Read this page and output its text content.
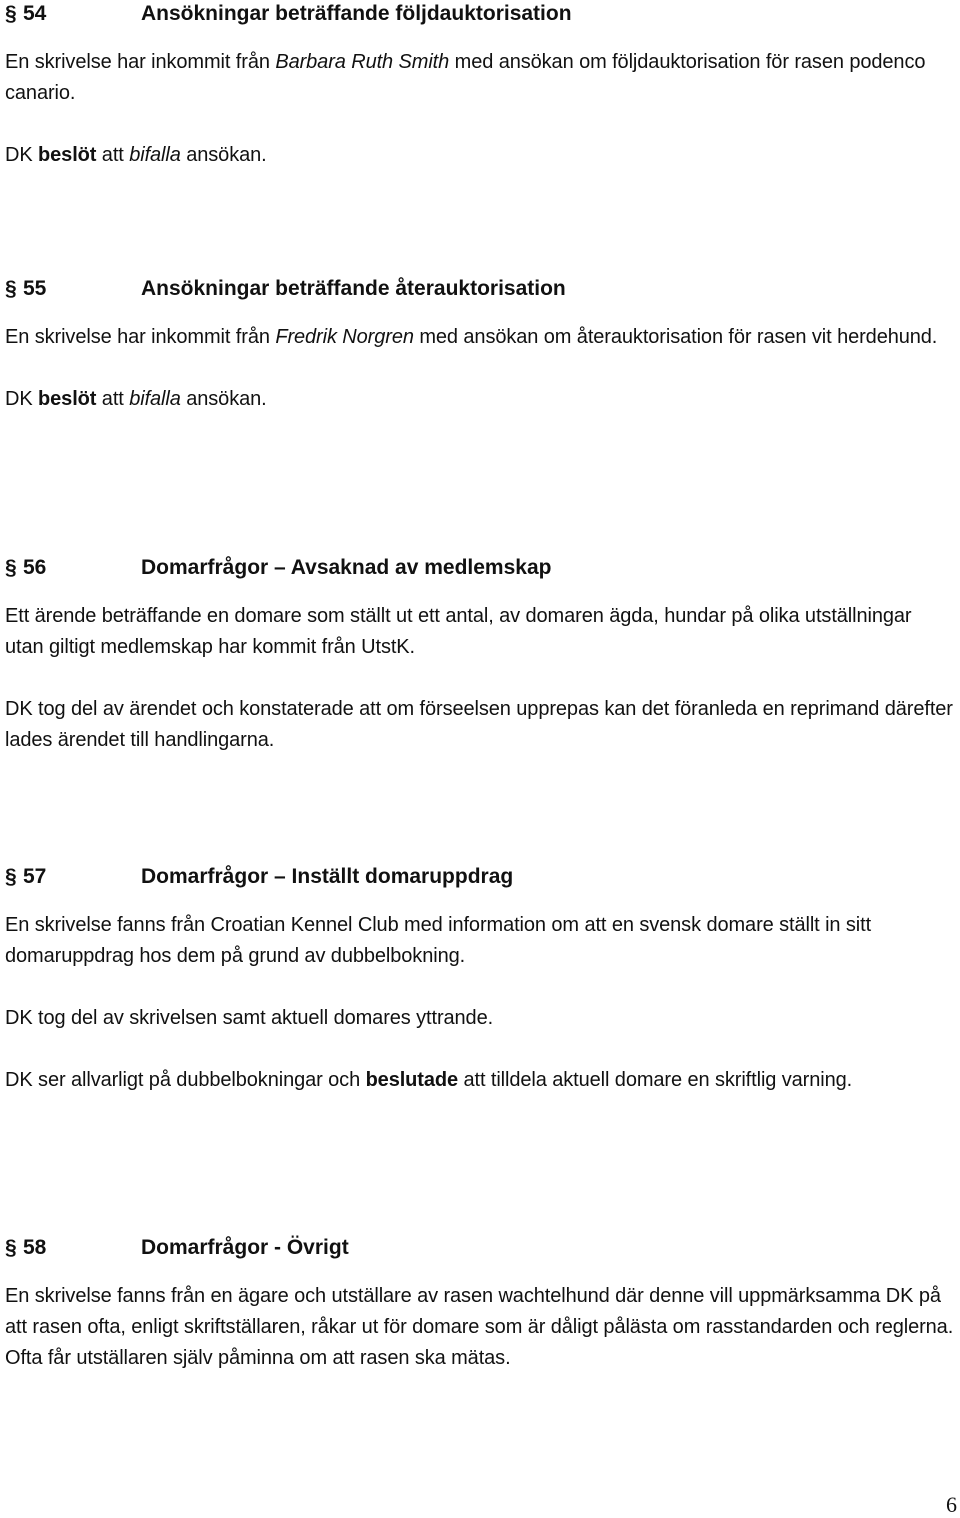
§ 54	Ansökningar beträffande följdauktorisation

En skrivelse har inkommit från Barbara Ruth Smith med ansökan om följdauktorisation för rasen podenco canario.

DK beslöt att bifalla ansökan.

§ 55	Ansökningar beträffande återauktorisation

En skrivelse har inkommit från Fredrik Norgren med ansökan om återauktorisation för rasen vit herdehund.

DK beslöt att bifalla ansökan.

§ 56	Domarfrågor – Avsaknad av medlemskap

Ett ärende beträffande en domare som ställt ut ett antal, av domaren ägda, hundar på olika utställningar utan giltigt medlemskap har kommit från UtstK.

DK tog del av ärendet och konstaterade att om förseelsen upprepas kan det föranleda en reprimand därefter lades ärendet till handlingarna.

§ 57	Domarfrågor – Inställt domaruppdrag

En skrivelse fanns från Croatian Kennel Club med information om att en svensk domare ställt in sitt domaruppdrag hos dem på grund av dubbelbokning.

DK tog del av skrivelsen samt aktuell domares yttrande.

DK ser allvarligt på dubbelbokningar och beslutade att tilldela aktuell domare en skriftlig varning.

§ 58	Domarfrågor - Övrigt

En skrivelse fanns från en ägare och utställare av rasen wachtelhund där denne vill uppmärksamma DK på att rasen ofta, enligt skriftställaren, råkar ut för domare som är dåligt pålästa om rasstandarden och reglerna. Ofta får utställaren själv påminna om att rasen ska mätas.

6
